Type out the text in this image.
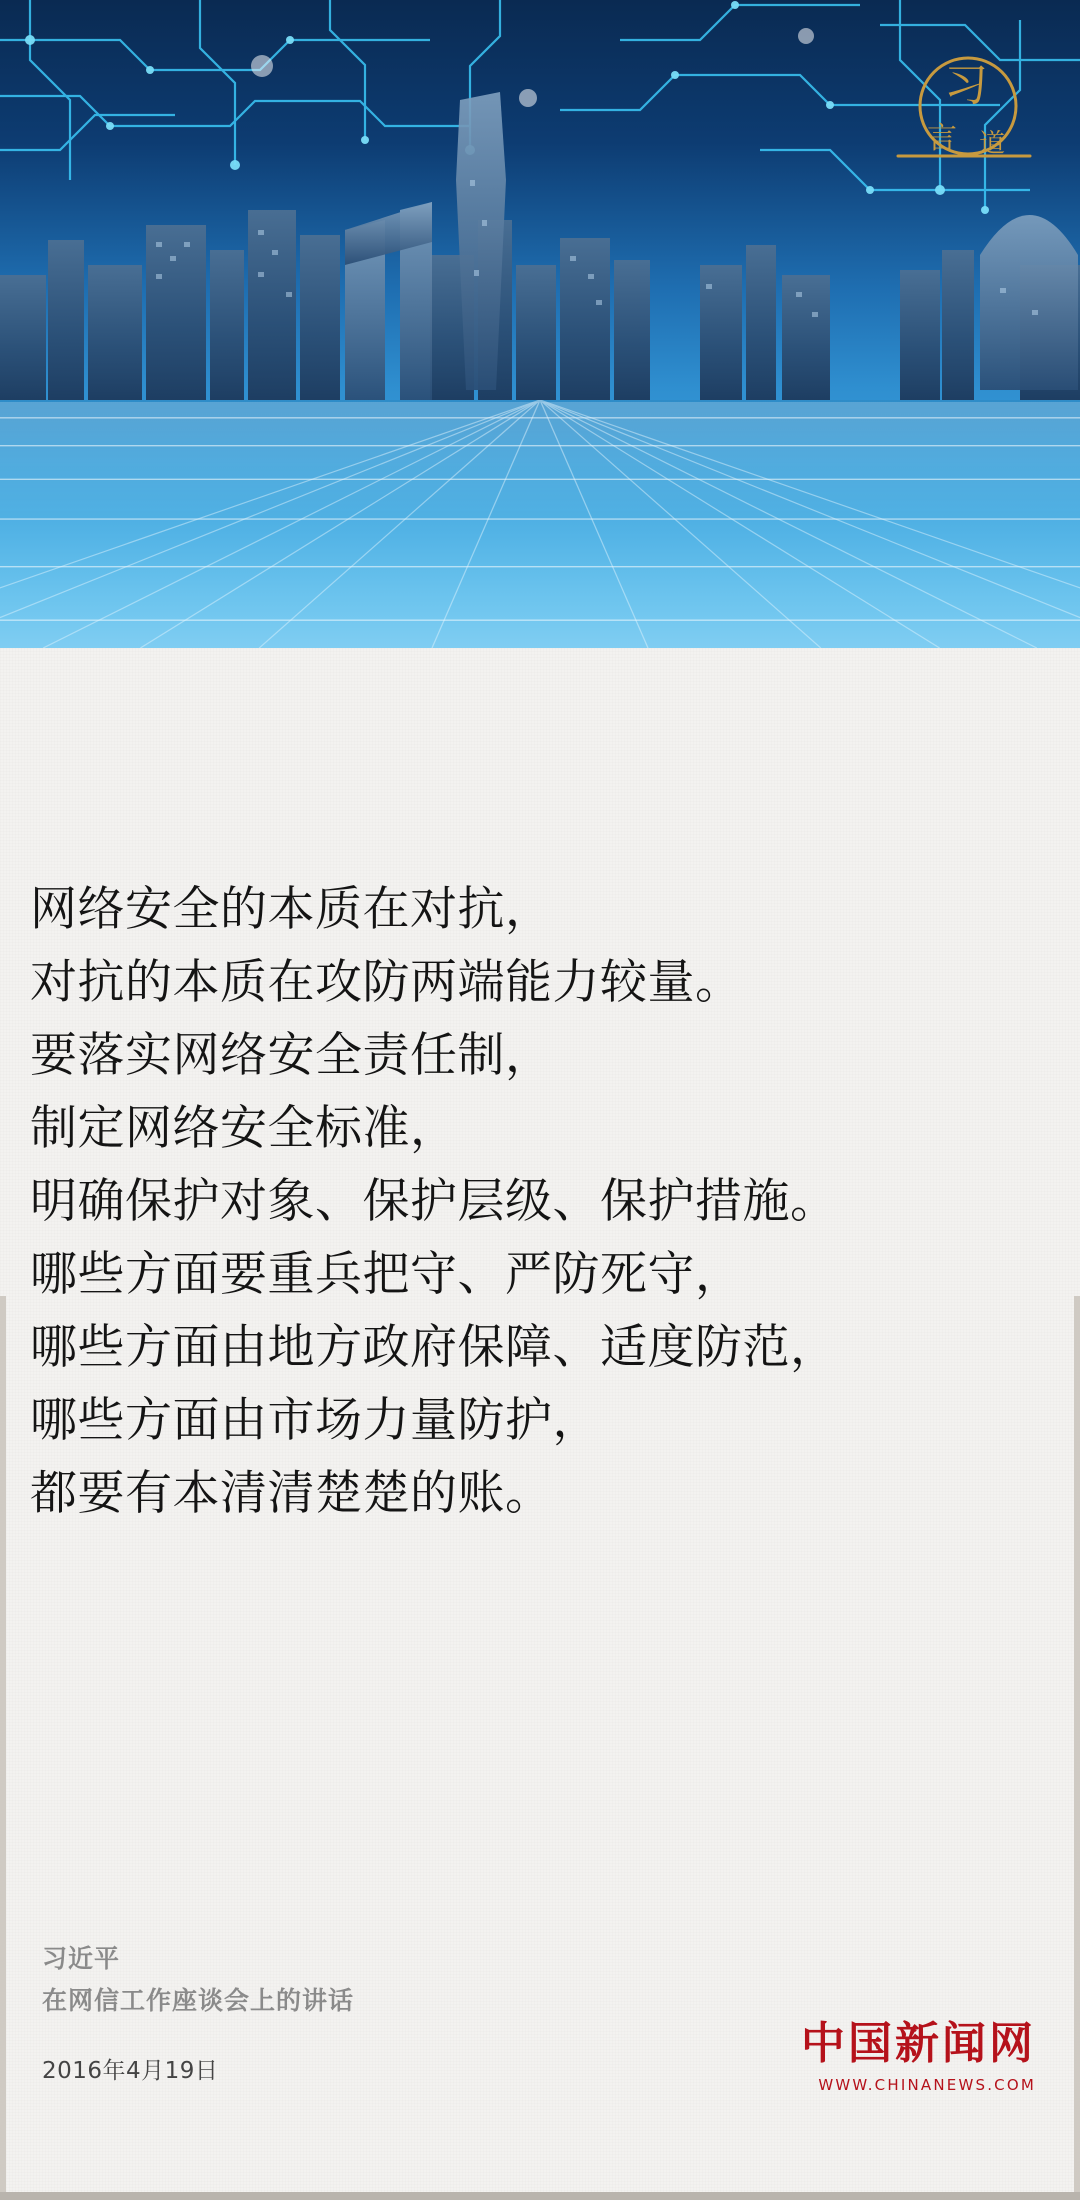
习
言 道
网络安全的本质在对抗，
对抗的本质在攻防两端能力较量。
要落实网络安全责任制，
制定网络安全标准，
明确保护对象、保护层级、保护措施。
哪些方面要重兵把守、严防死守，
哪些方面由地方政府保障、适度防范，
哪些方面由市场力量防护，
都要有本清清楚楚的账。
习近平
在网信工作座谈会上的讲话
2016年4月19日
中国新闻网
WWW.CHINANEWS.COM
